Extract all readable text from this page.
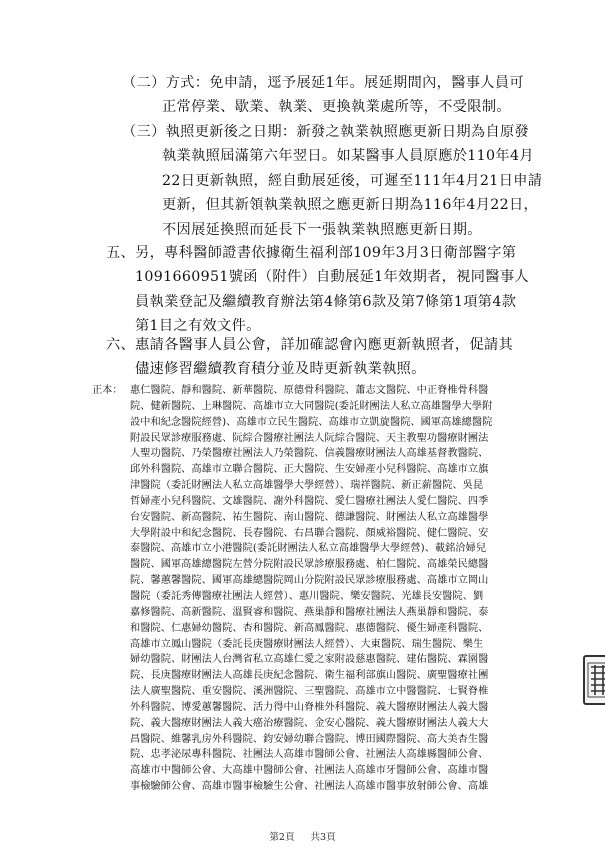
（二）方式：免申請，逕予展延1年。展延期間內，醫事人員可
正常停業、歇業、執業、更換執業處所等，不受限制。
（三）執照更新後之日期：新發之執業執照應更新日期為自原發
執業執照屆滿第六年翌日。如某醫事人員原應於110年4月
22日更新執照，經自動展延後，可遲至111年4月21日申請
更新，但其新領執業執照之應更新日期為116年4月22日，
不因展延換照而延長下一張執業執照應更新日期。
五、另，專科醫師證書依據衛生福利部109年3月3日衛部醫字第
1091660951號函（附件）自動展延1年效期者，視同醫事人
員執業登記及繼續教育辦法第4條第6款及第7條第1項第4款
第1目之有效文件。
六、惠請各醫事人員公會，詳加確認會內應更新執照者，促請其
儘速修習繼續教育積分並及時更新執業執照。
正本： 惠仁醫院、靜和醫院、新華醫院、原德骨科醫院、蕭志文醫院、中正脊椎骨科醫
院、健新醫院、上琳醫院、高雄市立大同醫院(委託財團法人私立高雄醫學大學附
設中和紀念醫院經營)、高雄市立民生醫院、高雄市立凱旋醫院、國軍高雄總醫院
附設民眾診療服務處、阮綜合醫療社團法人阮綜合醫院、天主教聖功醫療財團法
人聖功醫院、乃榮醫療社團法人乃榮醫院、信義醫療財團法人高雄基督教醫院、
邱外科醫院、高雄市立聯合醫院、正大醫院、生安婦產小兒科醫院、高雄市立旗
津醫院（委託財團法人私立高雄醫學大學經營）、瑞祥醫院、新正薪醫院、吳昆
哲婦產小兒科醫院、文雄醫院、謝外科醫院、愛仁醫療社團法人愛仁醫院、四季
台安醫院、新高醫院、祐生醫院、南山醫院、德謙醫院、財團法人私立高雄醫學
大學附設中和紀念醫院、長春醫院、右昌聯合醫院、顏威裕醫院、健仁醫院、安
泰醫院、高雄市立小港醫院(委託財團法人私立高雄醫學大學經營)、載銘洽婦兒
醫院、國軍高雄總醫院左營分院附設民眾診療服務處、柏仁醫院、高雄榮民總醫
院、馨蕙馨醫院、國軍高雄總醫院岡山分院附設民眾診療服務處、高雄市立岡山
醫院（委託秀傳醫療社團法人經營）、惠川醫院、樂安醫院、光雄長安醫院、劉
嘉修醫院、高新醫院、溫賢睿和醫院、燕巢靜和醫療社團法人燕巢靜和醫院、泰
和醫院、仁惠婦幼醫院、杏和醫院、新高鳳醫院、惠德醫院、優生婦產科醫院、
高雄市立鳳山醫院（委託長庚醫療財團法人經營）、大東醫院、瑞生醫院、樂生
婦幼醫院、財團法人台灣省私立高雄仁愛之家附設慈惠醫院、建佑醫院、霖園醫
院、長庚醫療財團法人高雄長庚紀念醫院、衛生福利部旗山醫院、廣聖醫療社團
法人廣聖醫院、重安醫院、溪洲醫院、三聖醫院、高雄市立中醫醫院、七賢脊椎
外科醫院、博愛蕙馨醫院、活力得中山脊椎外科醫院、義大醫療財團法人義大醫
院、義大醫療財團法人義大癌治療醫院、金安心醫院、義大醫療財團法人義大大
昌醫院、維馨乳房外科醫院、鈞安婦幼聯合醫院、博田國際醫院、高大美杏生醫
院、忠孝泌尿專科醫院、社團法人高雄市醫師公會、社團法人高雄縣醫師公會、
高雄市中醫師公會、大高雄中醫師公會、社團法人高雄市牙醫師公會、高雄市醫
事檢驗師公會、高雄市醫事檢驗生公會、社團法人高雄市醫事放射師公會、高雄
第2頁 共3頁
